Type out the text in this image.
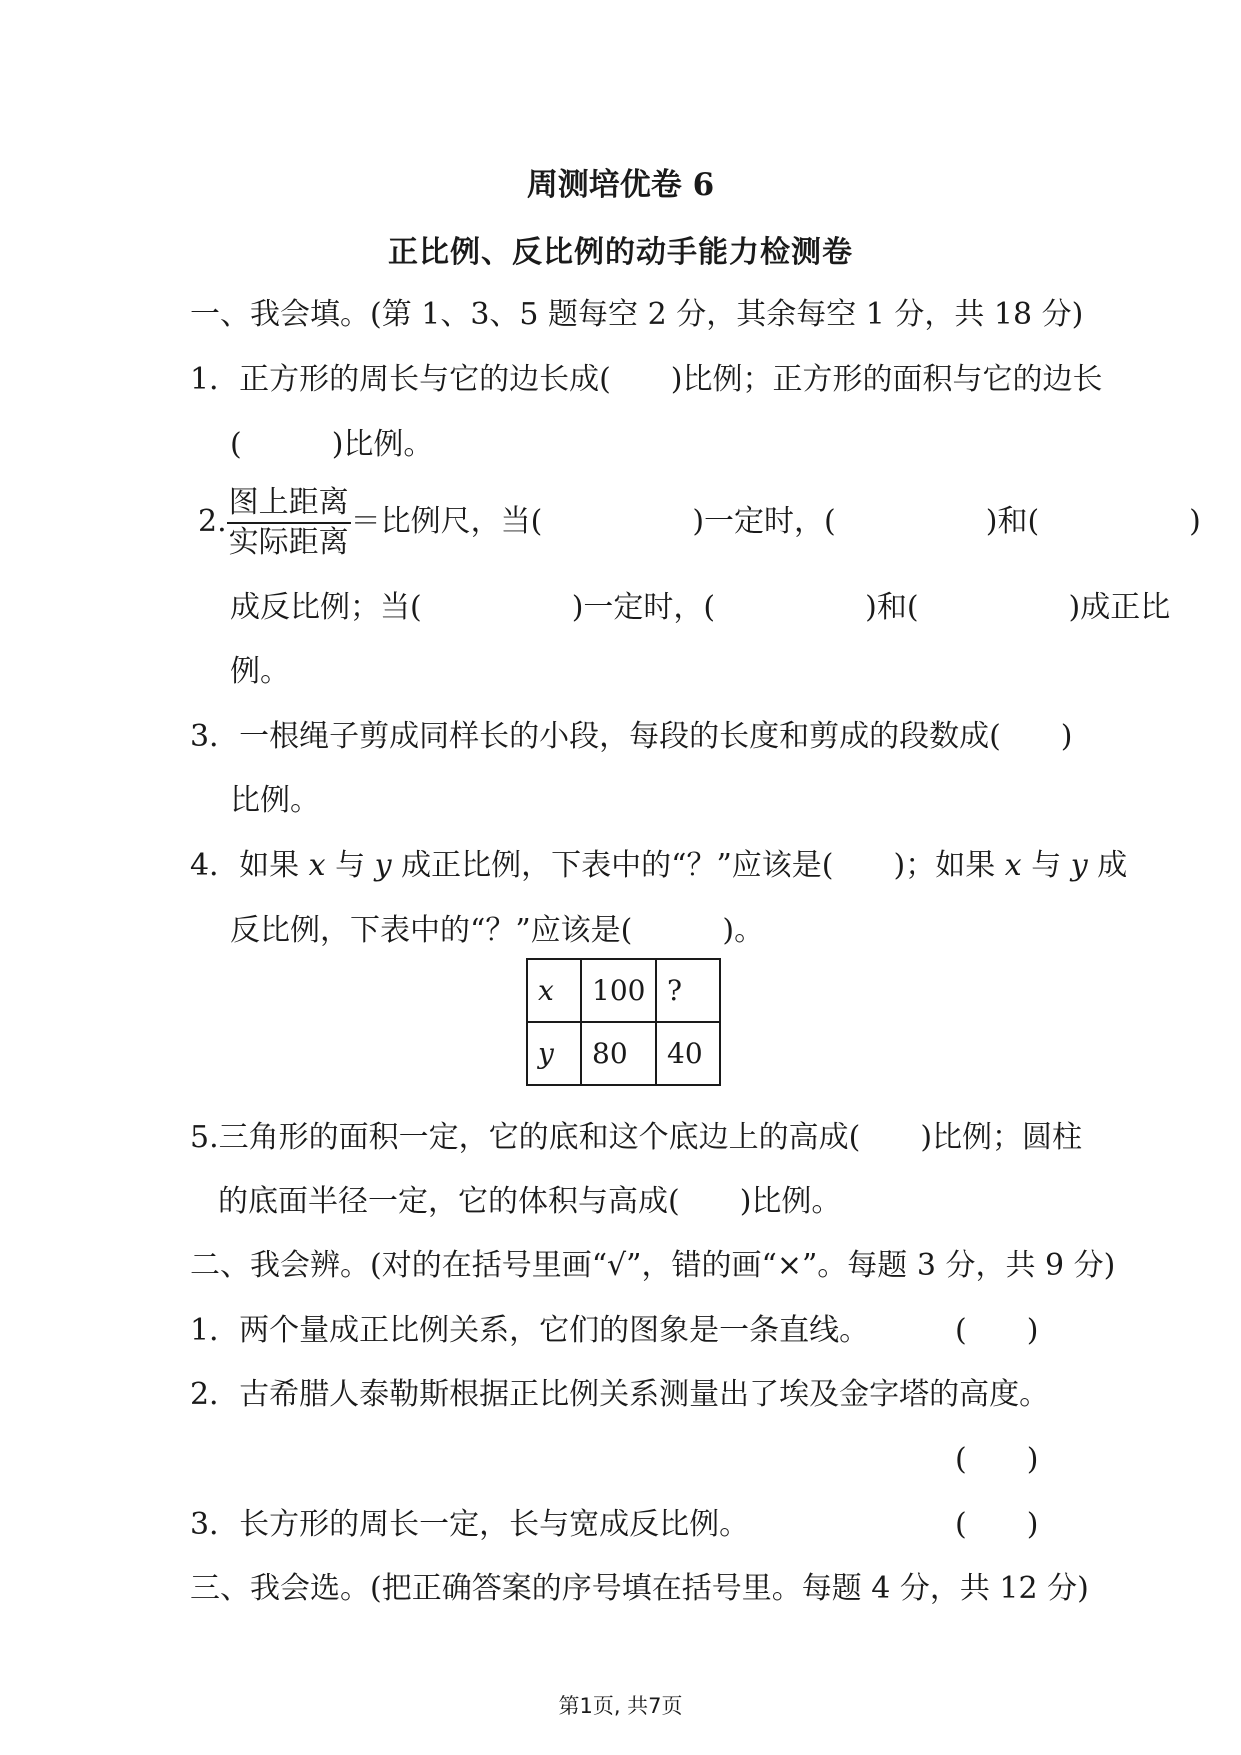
周测培优卷 6
正比例、反比例的动手能力检测卷
一、我会填。(第 1、3、5 题每空 2 分，其余每空 1 分，共 18 分)
1．正方形的周长与它的边长成(　　)比例；正方形的面积与它的边长
(　　　)比例。
2. $\frac{\text{图上距离}}{\text{实际距离}}$ ＝比例尺，当(　　　　　)一定时，(　　　　　)和(　　　　　)
成反比例；当(　　　　　)一定时，(　　　　　)和(　　　　　)成正比
例。
3．一根绳子剪成同样长的小段，每段的长度和剪成的段数成(　　)
比例。
4．如果 x 与 y 成正比例，下表中的“？”应该是(　　)；如果 x 与 y 成
反比例，下表中的“？”应该是(　　　)。
x	100	?
y	80	40
5.三角形的面积一定，它的底和这个底边上的高成(　　)比例；圆柱
的底面半径一定，它的体积与高成(　　)比例。
二、我会辨。(对的在括号里画“√”，错的画“×”。每题 3 分，共 9 分)
1．两个量成正比例关系，它们的图象是一条直线。	(　　)
2．古希腊人泰勒斯根据正比例关系测量出了埃及金字塔的高度。
(　　)
3．长方形的周长一定，长与宽成反比例。	(　　)
三、我会选。(把正确答案的序号填在括号里。每题 4 分，共 12 分)
第1页, 共7页
